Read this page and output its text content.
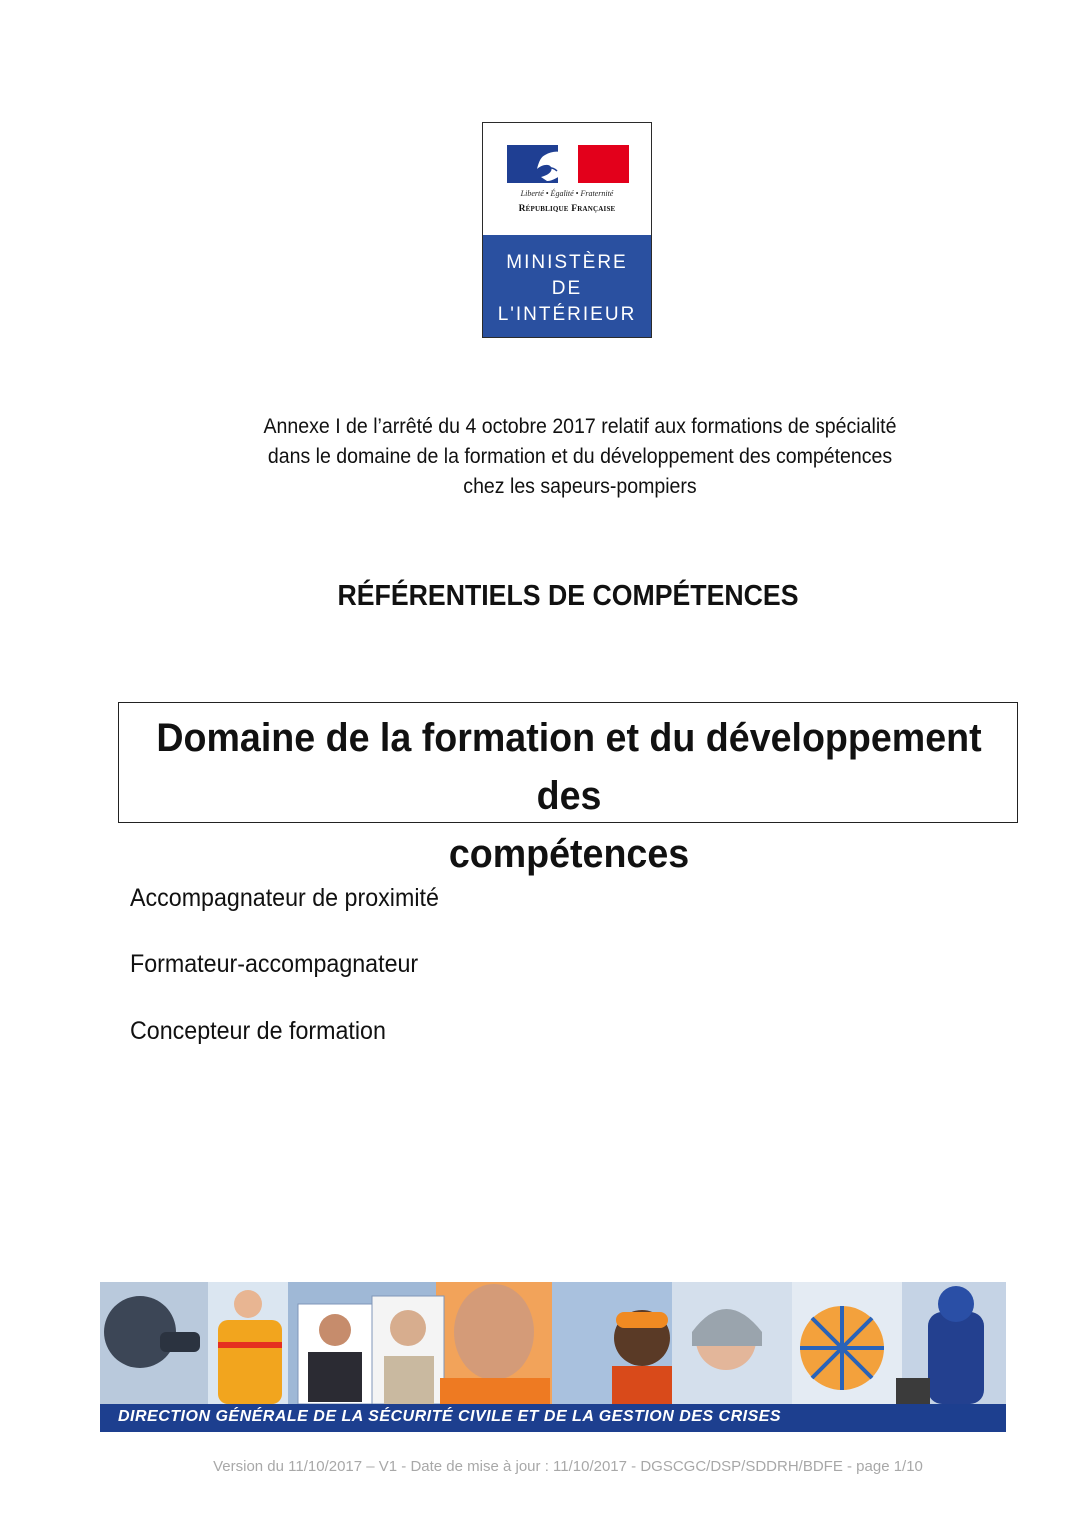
Liberté • Égalité • Fraternité
République Française
MINISTÈRE
DE
L'INTÉRIEUR
Annexe I de l’arrêté du 4 octobre 2017 relatif aux formations de spécialité
dans le domaine de la formation et du développement des compétences
chez les sapeurs-pompiers
RÉFÉRENTIELS DE COMPÉTENCES
Domaine de la formation et du développement des
compétences
Accompagnateur de proximité
Formateur-accompagnateur
Concepteur de formation
DIRECTION GÉNÉRALE DE LA SÉCURITÉ CIVILE ET DE LA GESTION DES CRISES
Version du 11/10/2017 – V1 - Date de mise à jour : 11/10/2017 - DGSCGC/DSP/SDDRH/BDFE - page 1/10
